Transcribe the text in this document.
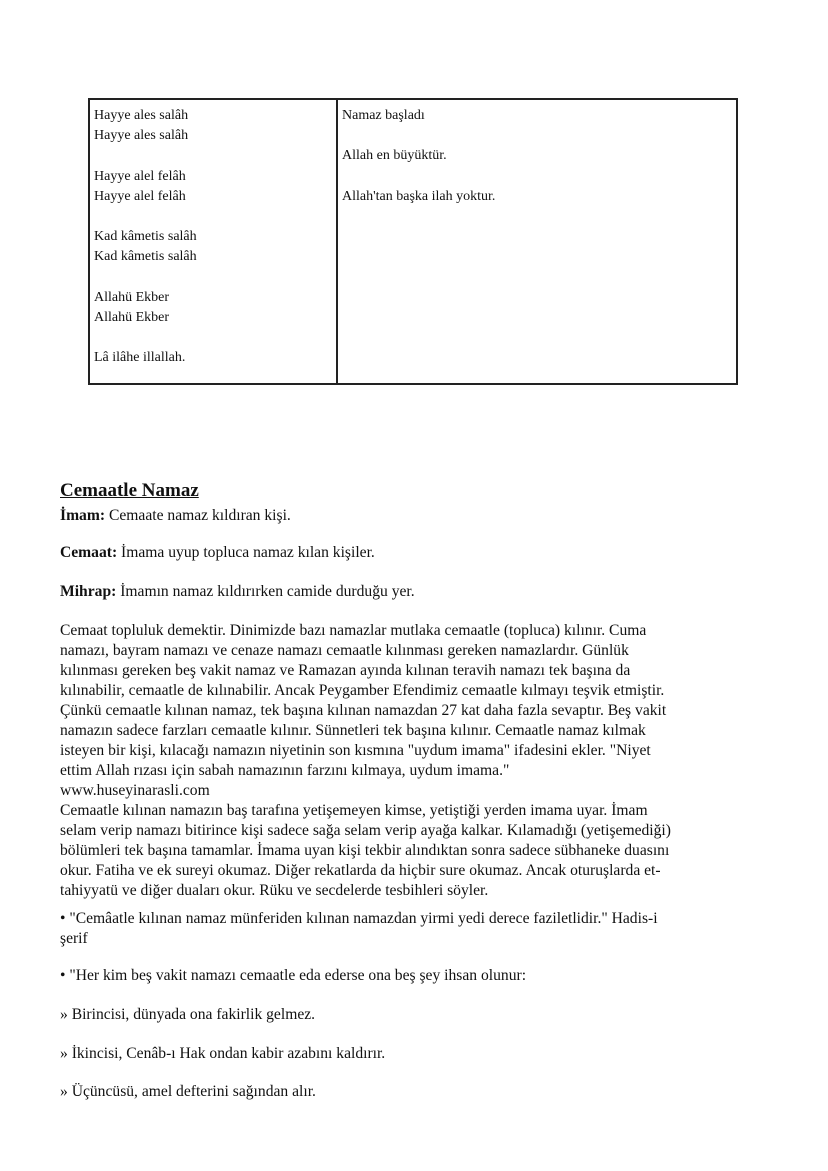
Hayye ales salâh
Hayye ales salâh
Hayye alel felâh
Hayye alel felâh
Kad kâmetis salâh
Kad kâmetis salâh
Allahü Ekber
Allahü Ekber
Lâ ilâhe illallah.
Namaz başladı
Allah en büyüktür.
Allah'tan başka ilah yoktur.
Cemaatle Namaz
İmam: Cemaate namaz kıldıran kişi.
Cemaat: İmama uyup topluca namaz kılan kişiler.
Mihrap: İmamın namaz kıldırırken camide durduğu yer.
Cemaat topluluk demektir. Dinimizde bazı namazlar mutlaka cemaatle (topluca) kılınır. Cuma
namazı, bayram namazı ve cenaze namazı cemaatle kılınması gereken namazlardır. Günlük
kılınması gereken beş vakit namaz ve Ramazan ayında kılınan teravih namazı tek başına da
kılınabilir, cemaatle de kılınabilir. Ancak Peygamber Efendimiz cemaatle kılmayı teşvik etmiştir.
Çünkü cemaatle kılınan namaz, tek başına kılınan namazdan 27 kat daha fazla sevaptır. Beş vakit
namazın sadece farzları cemaatle kılınır. Sünnetleri tek başına kılınır. Cemaatle namaz kılmak
isteyen bir kişi, kılacağı namazın niyetinin son kısmına "uydum imama" ifadesini ekler. "Niyet
ettim Allah rızası için sabah namazının farzını kılmaya, uydum imama."
www.huseyinarasli.com
Cemaatle kılınan namazın baş tarafına yetişemeyen kimse, yetiştiği yerden imama uyar. İmam
selam verip namazı bitirince kişi sadece sağa selam verip ayağa kalkar. Kılamadığı (yetişemediği)
bölümleri tek başına tamamlar. İmama uyan kişi tekbir alındıktan sonra sadece sübhaneke duasını
okur. Fatiha ve ek sureyi okumaz. Diğer rekatlarda da hiçbir sure okumaz. Ancak oturuşlarda et-
tahiyyatü ve diğer duaları okur. Rüku ve secdelerde tesbihleri söyler.
• "Cemâatle kılınan namaz münferiden kılınan namazdan yirmi yedi derece faziletlidir." Hadis-i
şerif
• "Her kim beş vakit namazı cemaatle eda ederse ona beş şey ihsan olunur:
» Birincisi, dünyada ona fakirlik gelmez.
» İkincisi, Cenâb-ı Hak ondan kabir azabını kaldırır.
» Üçüncüsü, amel defterini sağından alır.
